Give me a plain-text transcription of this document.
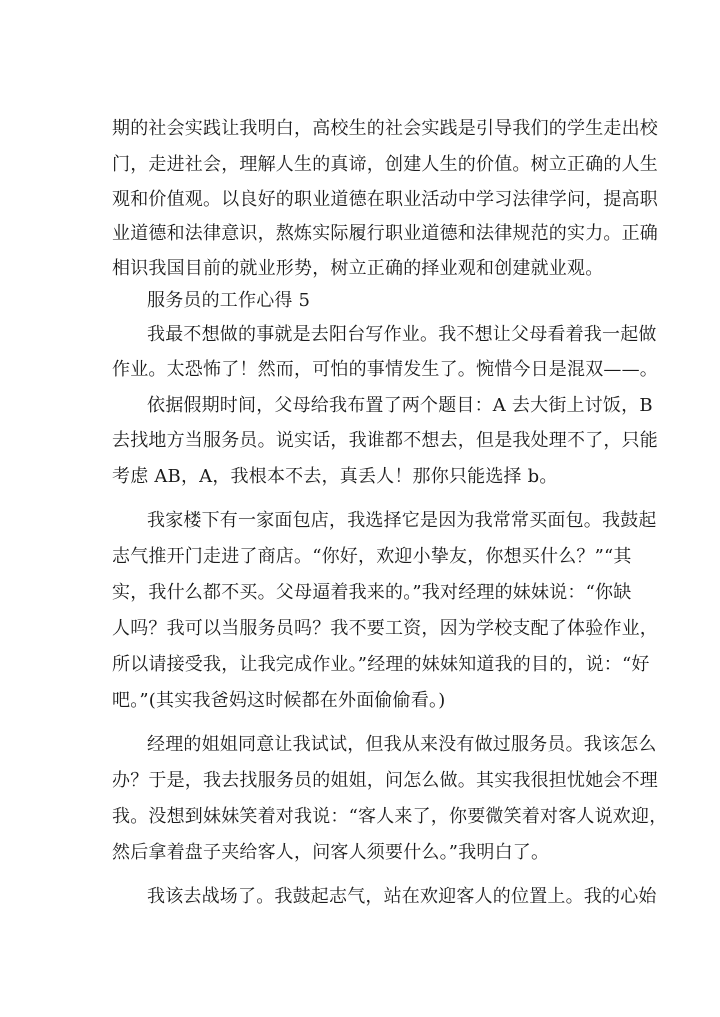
期的社会实践让我明白，高校生的社会实践是引导我们的学生走出校
门，走进社会，理解人生的真谛，创建人生的价值。树立正确的人生
观和价值观。以良好的职业道德在职业活动中学习法律学问，提高职
业道德和法律意识，熬炼实际履行职业道德和法律规范的实力。正确
相识我国目前的就业形势，树立正确的择业观和创建就业观。
服务员的工作心得 5
我最不想做的事就是去阳台写作业。我不想让父母看着我一起做
作业。太恐怖了！然而，可怕的事情发生了。惋惜今日是混双——。
依据假期时间，父母给我布置了两个题目：A 去大街上讨饭，B
去找地方当服务员。说实话，我谁都不想去，但是我处理不了，只能
考虑 AB，A，我根本不去，真丢人！那你只能选择 b。
我家楼下有一家面包店，我选择它是因为我常常买面包。我鼓起
志气推开门走进了商店。“你好，欢迎小挚友，你想买什么？”“其
实，我什么都不买。父母逼着我来的。”我对经理的妹妹说：“你缺
人吗？我可以当服务员吗？我不要工资，因为学校支配了体验作业，
所以请接受我，让我完成作业。”经理的妹妹知道我的目的，说：“好
吧。”(其实我爸妈这时候都在外面偷偷看。)
经理的姐姐同意让我试试，但我从来没有做过服务员。我该怎么
办？于是，我去找服务员的姐姐，问怎么做。其实我很担忧她会不理
我。没想到妹妹笑着对我说：“客人来了，你要微笑着对客人说欢迎，
然后拿着盘子夹给客人，问客人须要什么。”我明白了。
我该去战场了。我鼓起志气，站在欢迎客人的位置上。我的心始
